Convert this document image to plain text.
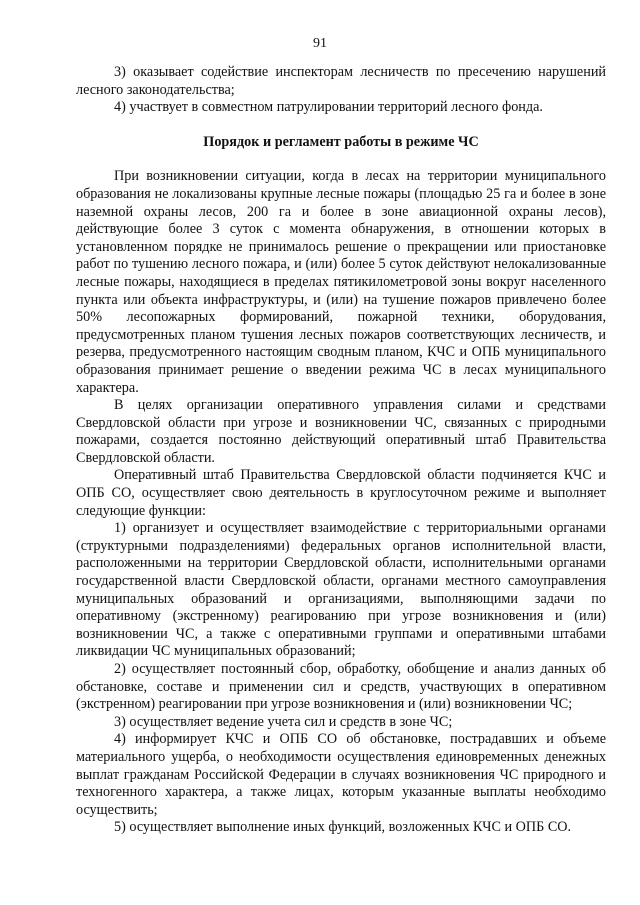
91

3) оказывает содействие инспекторам лесничеств по пресечению нарушений лесного законодательства;

4) участвует в совместном патрулировании территорий лесного фонда.

Порядок и регламент работы в режиме ЧС

При возникновении ситуации, когда в лесах на территории муниципального образования не локализованы крупные лесные пожары (площадью 25 га и более в зоне наземной охраны лесов, 200 га и более в зоне авиационной охраны лесов), действующие более 3 суток с момента обнаружения, в отношении которых в установленном порядке не принималось решение о прекращении или приостановке работ по тушению лесного пожара, и (или) более 5 суток действуют нелокализованные лесные пожары, находящиеся в пределах пятикилометровой зоны вокруг населенного пункта или объекта инфраструктуры, и (или) на тушение пожаров привлечено более 50% лесопожарных формирований, пожарной техники, оборудования, предусмотренных планом тушения лесных пожаров соответствующих лесничеств, и резерва, предусмотренного настоящим сводным планом, КЧС и ОПБ муниципального образования принимает решение о введении режима ЧС в лесах муниципального характера.

В целях организации оперативного управления силами и средствами Свердловской области при угрозе и возникновении ЧС, связанных с природными пожарами, создается постоянно действующий оперативный штаб Правительства Свердловской области.

Оперативный штаб Правительства Свердловской области подчиняется КЧС и ОПБ СО, осуществляет свою деятельность в круглосуточном режиме и выполняет следующие функции:

1) организует и осуществляет взаимодействие с территориальными органами (структурными подразделениями) федеральных органов исполнительной власти, расположенными на территории Свердловской области, исполнительными органами государственной власти Свердловской области, органами местного самоуправления муниципальных образований и организациями, выполняющими задачи по оперативному (экстренному) реагированию при угрозе возникновения и (или) возникновении ЧС, а также с оперативными группами и оперативными штабами ликвидации ЧС муниципальных образований;

2) осуществляет постоянный сбор, обработку, обобщение и анализ данных об обстановке, составе и применении сил и средств, участвующих в оперативном (экстренном) реагировании при угрозе возникновения и (или) возникновении ЧС;

3) осуществляет ведение учета сил и средств в зоне ЧС;

4) информирует КЧС и ОПБ СО об обстановке, пострадавших и объеме материального ущерба, о необходимости осуществления единовременных денежных выплат гражданам Российской Федерации в случаях возникновения ЧС природного и техногенного характера, а также лицах, которым указанные выплаты необходимо осуществить;

5) осуществляет выполнение иных функций, возложенных КЧС и ОПБ СО.
